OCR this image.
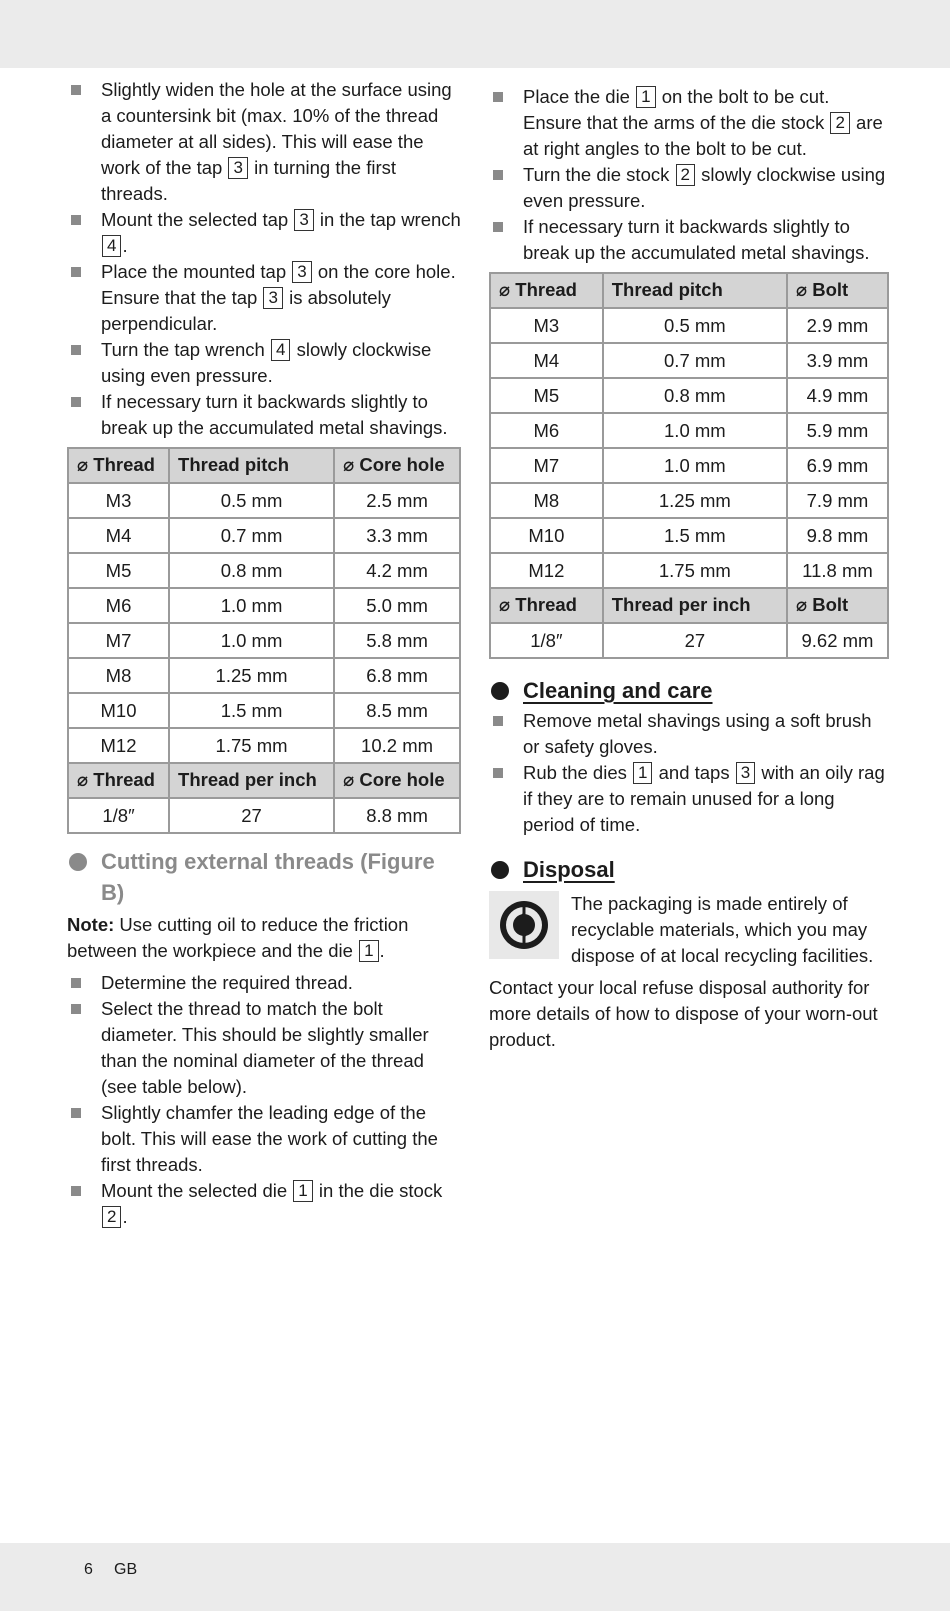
Slightly widen the hole at the surface using a countersink bit (max. 10% of the thread diameter at all sides). This will ease the work of the tap 3 in turning the first threads.
Mount the selected tap 3 in the tap wrench 4 .
Place the mounted tap 3 on the core hole. Ensure that the tap 3 is absolutely perpendicular.
Turn the tap wrench 4 slowly clockwise using even pressure.
If necessary turn it backwards slightly to break up the accumulated metal shavings.
⌀ Thread	Thread pitch	⌀ Core hole
M3	0.5 mm	2.5 mm
M4	0.7 mm	3.3 mm
M5	0.8 mm	4.2 mm
M6	1.0 mm	5.0 mm
M7	1.0 mm	5.8 mm
M8	1.25 mm	6.8 mm
M10	1.5 mm	8.5 mm
M12	1.75 mm	10.2 mm
⌀ Thread	Thread per inch	⌀ Core hole
1/8″	27	8.8 mm
Cutting external threads (Figure B)

Note: Use cutting oil to reduce the friction between the workpiece and the die 1 .

Determine the required thread.
Select the thread to match the bolt diameter. This should be slightly smaller than the nominal diameter of the thread (see table below).
Slightly chamfer the leading edge of the bolt. This will ease the work of cutting the first threads.
Mount the selected die 1 in the die stock 2 .
Place the die 1 on the bolt to be cut. Ensure that the arms of the die stock 2 are at right angles to the bolt to be cut.
Turn the die stock 2 slowly clockwise using even pressure.
If necessary turn it backwards slightly to break up the accumulated metal shavings.
⌀ Thread	Thread pitch	⌀ Bolt
M3	0.5 mm	2.9 mm
M4	0.7 mm	3.9 mm
M5	0.8 mm	4.9 mm
M6	1.0 mm	5.9 mm
M7	1.0 mm	6.9 mm
M8	1.25 mm	7.9 mm
M10	1.5 mm	9.8 mm
M12	1.75 mm	11.8 mm
⌀ Thread	Thread per inch	⌀ Bolt
1/8″	27	9.62 mm
Cleaning and care
Remove metal shavings using a soft brush or safety gloves.
Rub the dies 1 and taps 3 with an oily rag if they are to remain unused for a long period of time.
Disposal

The packaging is made entirely of recyclable materials, which you may dispose of at local recycling facilities.

Contact your local refuse disposal authority for more details of how to dispose of your worn-out product.

6 GB
